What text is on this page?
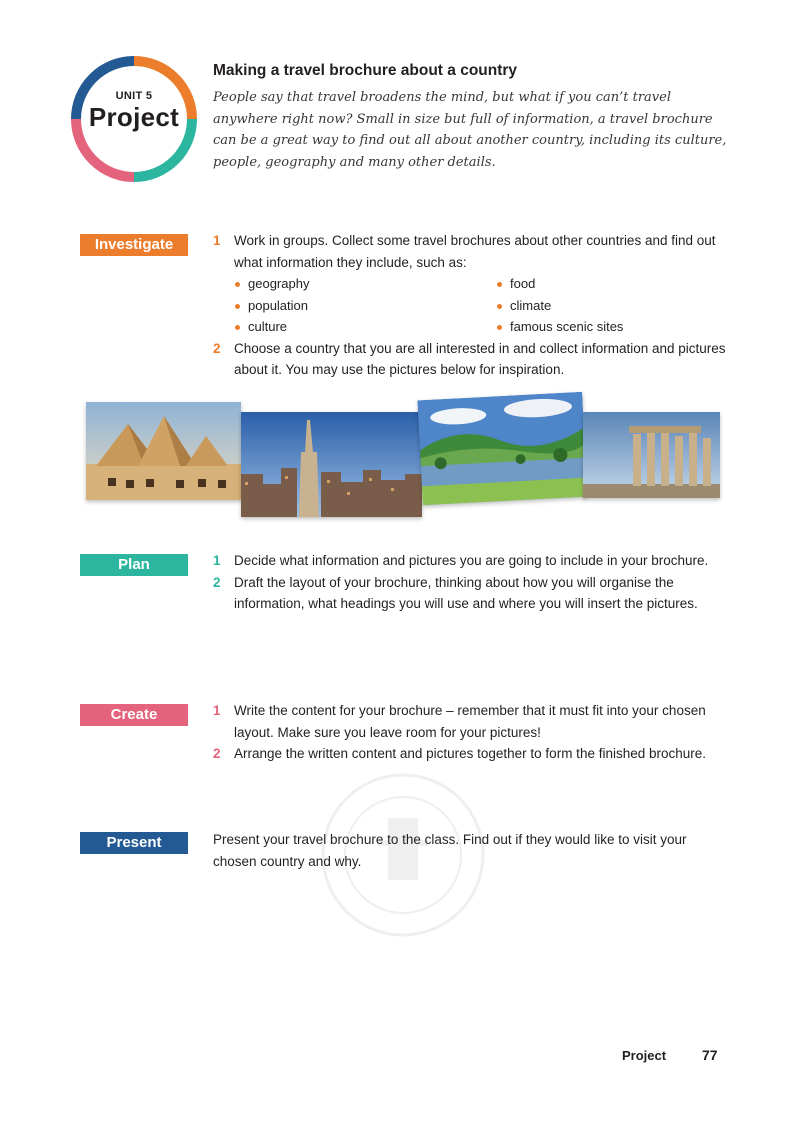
UNIT 5
Project
Making a travel brochure about a country
People say that travel broadens the mind, but what if you can’t travel anywhere right now? Small in size but full of information, a travel brochure can be a great way to find out all about another country, including its culture, people, geography and many other details.
Investigate	1 Work in groups. Collect some travel brochures about other countries and find out what information they include, such as:
geography	food
population	climate
culture	famous scenic sites
2 Choose a country that you are all interested in and collect information and pictures about it. You may use the pictures below for inspiration.
Plan	1 Decide what information and pictures you are going to include in your brochure.
2 Draft the layout of your brochure, thinking about how you will organise the information, what headings you will use and where you will insert the pictures.
Create	1 Write the content for your brochure – remember that it must fit into your chosen layout. Make sure you leave room for your pictures!
2 Arrange the written content and pictures together to form the finished brochure.
Present	Present your travel brochure to the class. Find out if they would like to visit your chosen country and why.
Project	77
